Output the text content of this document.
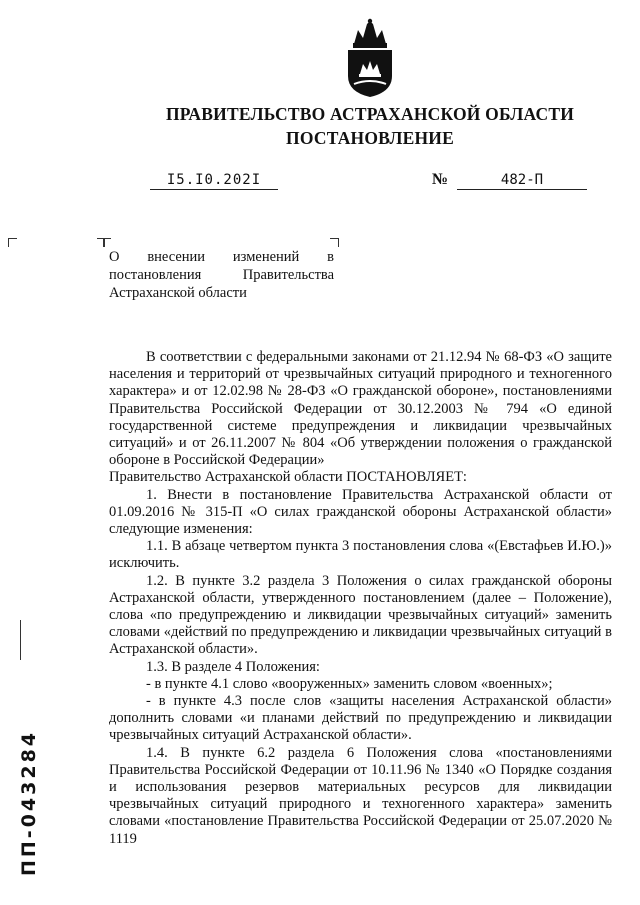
ПРАВИТЕЛЬСТВО АСТРАХАНСКОЙ ОБЛАСТИ
ПОСТАНОВЛЕНИЕ
I5.I0.202I	№	482-П
О внесении изменений в постановления Правительства Астраханской области

В соответствии с федеральными законами от 21.12.94 № 68-ФЗ «О защите населения и территорий от чрезвычайных ситуаций природного и техногенного характера» и от 12.02.98 № 28-ФЗ «О гражданской обороне», постановлениями Правительства Российской Федерации от 30.12.2003 № 794 «О единой государственной системе предупреждения и ликвидации чрезвычайных ситуаций» и от 26.11.2007 № 804 «Об утверждении положения о гражданской обороне в Российской Федерации»

Правительство Астраханской области ПОСТАНОВЛЯЕТ:

1. Внести в постановление Правительства Астраханской области от 01.09.2016 № 315-П «О силах гражданской обороны Астраханской области» следующие изменения:

1.1. В абзаце четвертом пункта 3 постановления слова «(Евстафьев И.Ю.)» исключить.

1.2. В пункте 3.2 раздела 3 Положения о силах гражданской обороны Астраханской области, утвержденного постановлением (далее – Положение), слова «по предупреждению и ликвидации чрезвычайных ситуаций» заменить словами «действий по предупреждению и ликвидации чрезвычайных ситуаций в Астраханской области».

1.3. В разделе 4 Положения:

- в пункте 4.1 слово «вооруженных» заменить словом «военных»;

- в пункте 4.3 после слов «защиты населения Астраханской области» дополнить словами «и планами действий по предупреждению и ликвидации чрезвычайных ситуаций Астраханской области».

1.4. В пункте 6.2 раздела 6 Положения слова «постановлениями Правительства Российской Федерации от 10.11.96 № 1340 «О Порядке создания и использования резервов материальных ресурсов для ликвидации чрезвычайных ситуаций природного и техногенного характера» заменить словами «постановление Правительства Российской Федерации от 25.07.2020 № 1119

ПП-043284
